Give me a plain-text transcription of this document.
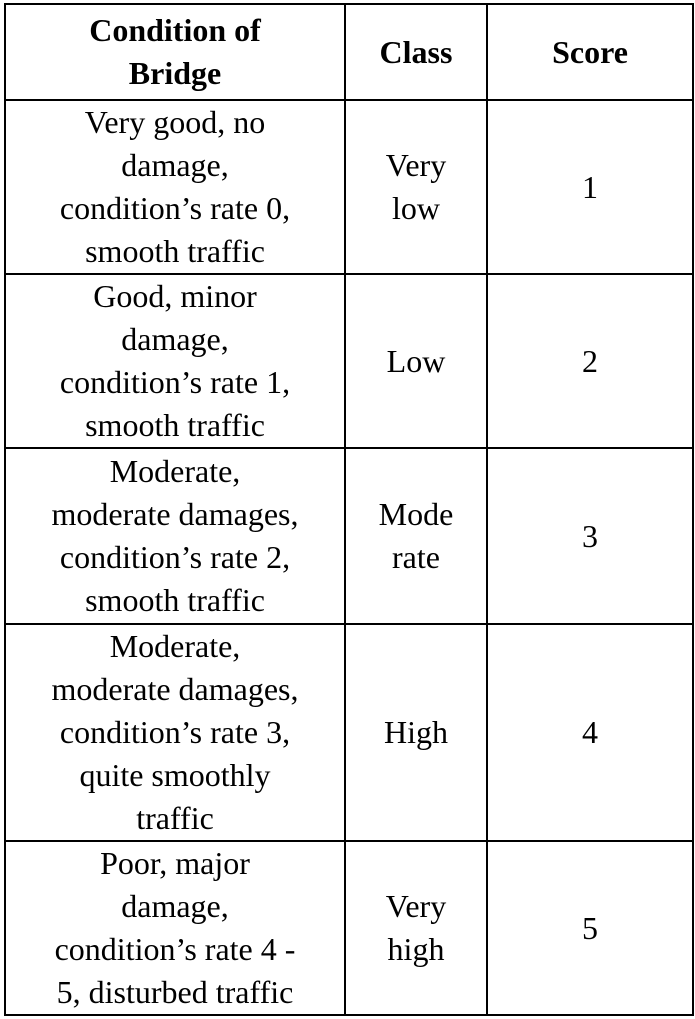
Condition of
Bridge	Class	Score

Very good, no
damage,
condition’s rate 0,
smooth traffic	Very
low	1

Good, minor
damage,
condition’s rate 1,
smooth traffic	Low	2

Moderate,
moderate damages,
condition’s rate 2,
smooth traffic	Mode
rate	3

Moderate,
moderate damages,
condition’s rate 3,
quite smoothly
traffic	High	4

Poor, major
damage,
condition’s rate 4 -
5, disturbed traffic	Very
high	5
